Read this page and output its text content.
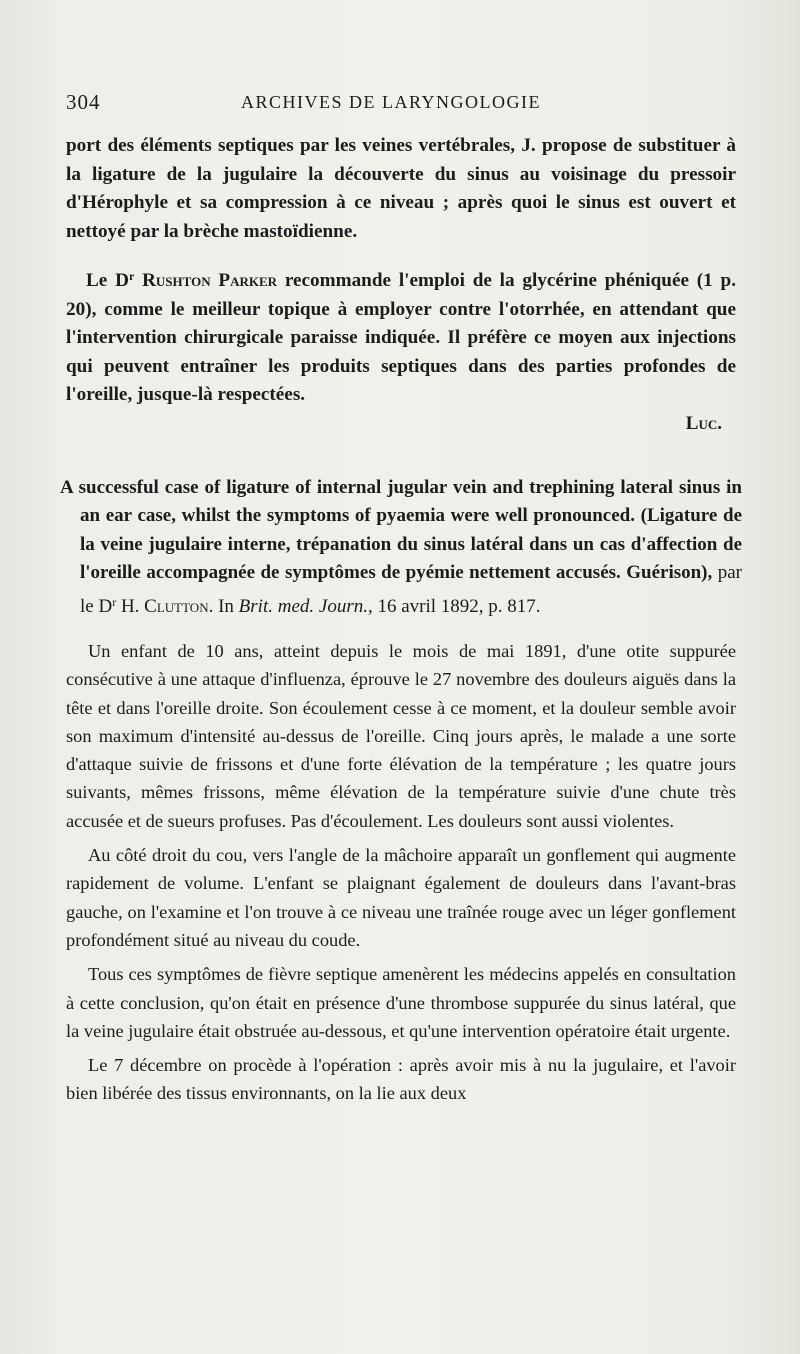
304	ARCHIVES DE LARYNGOLOGIE

port des éléments septiques par les veines vertébrales, J. propose de substituer à la ligature de la jugulaire la découverte du sinus au voisinage du pressoir d'Hérophyle et sa compression à ce niveau ; après quoi le sinus est ouvert et nettoyé par la brèche mastoïdienne.

Le $D^r$ Rushton Parker recommande l'emploi de la glycérine phéniquée (1 p. 20), comme le meilleur topique à employer contre l'otorrhée, en attendant que l'intervention chirurgicale paraisse indiquée. Il préfère ce moyen aux injections qui peuvent entraîner les produits septiques dans des parties profondes de l'oreille, jusque-là respectées.

Luc.

A successful case of ligature of internal jugular vein and trephining lateral sinus in an ear case, whilst the symptoms of pyaemia were well pronounced. (Ligature de la veine jugulaire interne, trépanation du sinus latéral dans un cas d'affection de l'oreille accompagnée de symptômes de pyémie nettement accusés. Guérison), par le $D^r$ H. Clutton. In Brit. med. Journ., 16 avril 1892, p. 817.

Un enfant de 10 ans, atteint depuis le mois de mai 1891, d'une otite suppurée consécutive à une attaque d'influenza, éprouve le 27 novembre des douleurs aiguës dans la tête et dans l'oreille droite. Son écoulement cesse à ce moment, et la douleur semble avoir son maximum d'intensité au-dessus de l'oreille. Cinq jours après, le malade a une sorte d'attaque suivie de frissons et d'une forte élévation de la température ; les quatre jours suivants, mêmes frissons, même élévation de la température suivie d'une chute très accusée et de sueurs profuses. Pas d'écoulement. Les douleurs sont aussi violentes.

Au côté droit du cou, vers l'angle de la mâchoire apparaît un gonflement qui augmente rapidement de volume. L'enfant se plaignant également de douleurs dans l'avant-bras gauche, on l'examine et l'on trouve à ce niveau une traînée rouge avec un léger gonflement profondément situé au niveau du coude.

Tous ces symptômes de fièvre septique amenèrent les médecins appelés en consultation à cette conclusion, qu'on était en présence d'une thrombose suppurée du sinus latéral, que la veine jugulaire était obstruée au-dessous, et qu'une intervention opératoire était urgente.

Le 7 décembre on procède à l'opération : après avoir mis à nu la jugulaire, et l'avoir bien libérée des tissus environnants, on la lie aux deux
